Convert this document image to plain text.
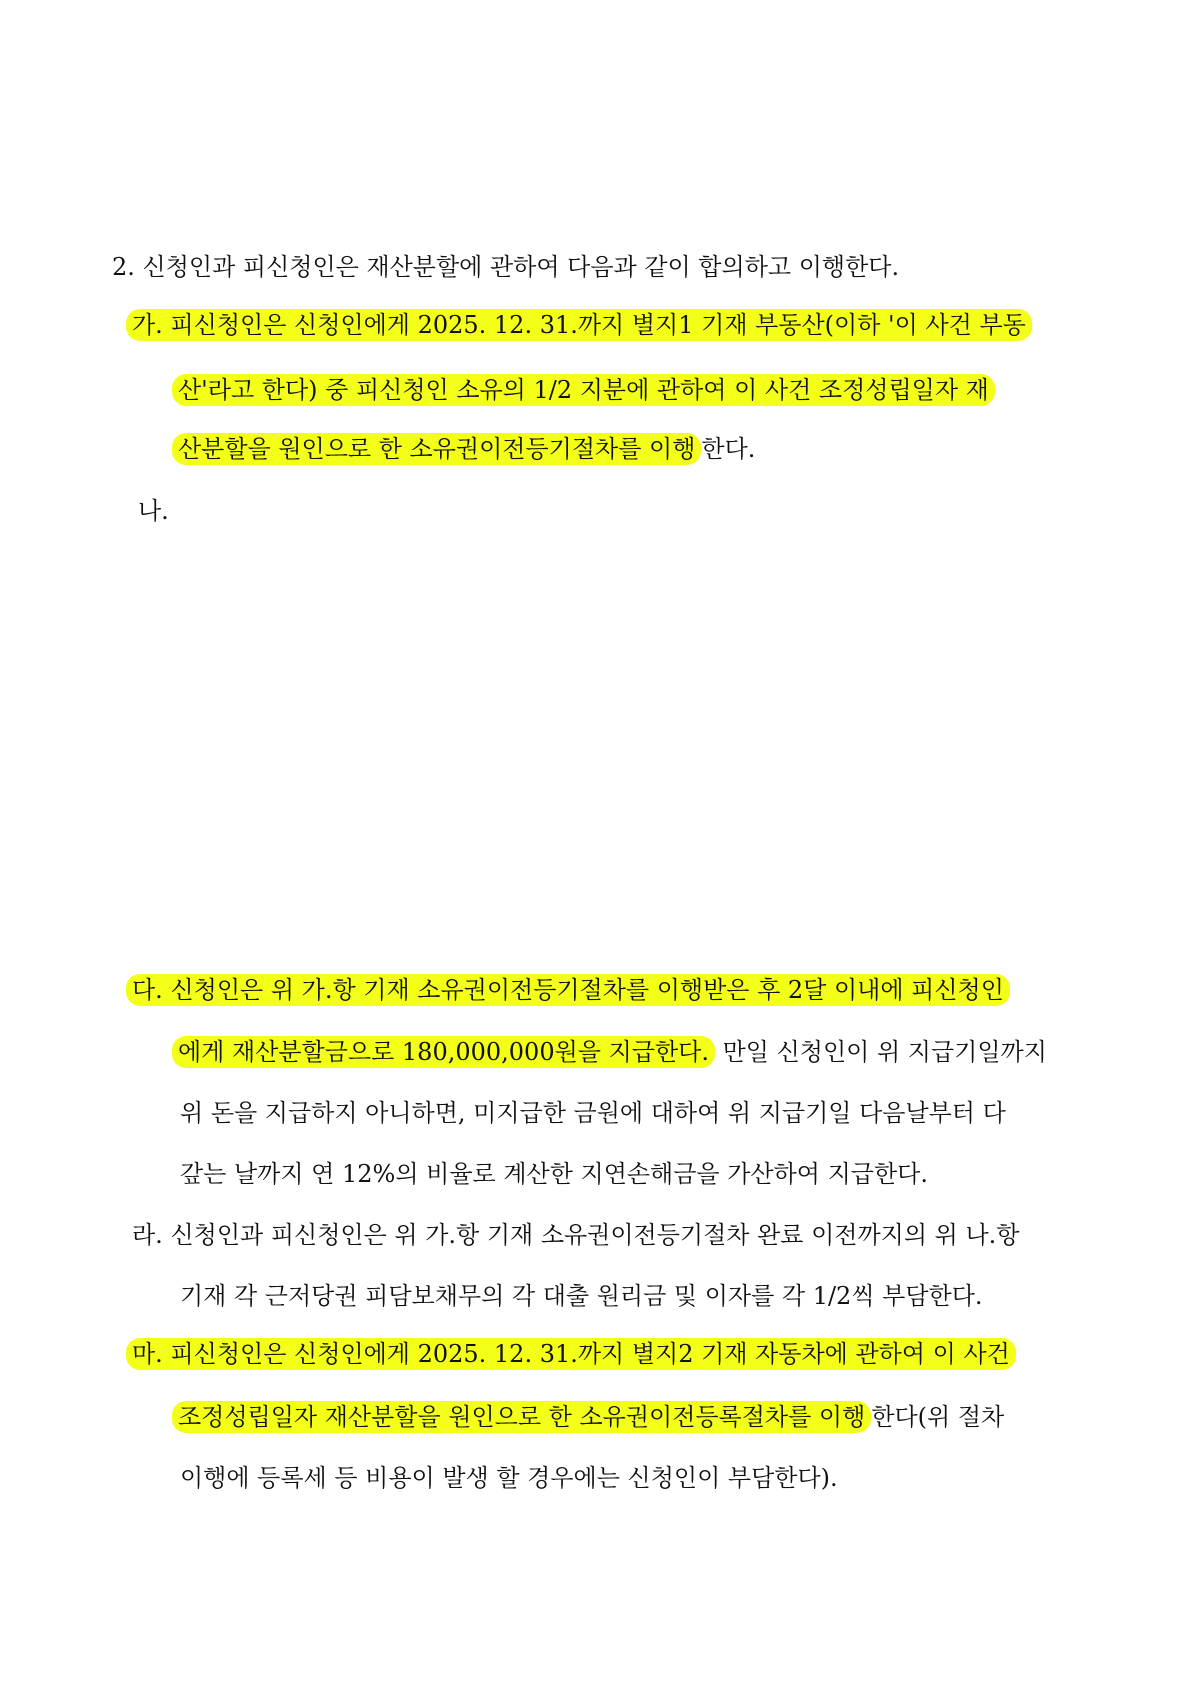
2. 신청인과 피신청인은 재산분할에 관하여 다음과 같이 합의하고 이행한다.
가. 피신청인은 신청인에게 2025. 12. 31.까지 별지1 기재 부동산(이하 '이 사건 부동
산'라고 한다) 중 피신청인 소유의 1/2 지분에 관하여 이 사건 조정성립일자 재
산분할을 원인으로 한 소유권이전등기절차를 이행 한다.
나.
다. 신청인은 위 가.항 기재 소유권이전등기절차를 이행받은 후 2달 이내에 피신청인
에게 재산분할금으로 180,000,000원을 지급한다. 만일 신청인이 위 지급기일까지
위 돈을 지급하지 아니하면, 미지급한 금원에 대하여 위 지급기일 다음날부터 다
갚는 날까지 연 12%의 비율로 계산한 지연손해금을 가산하여 지급한다.
라. 신청인과 피신청인은 위 가.항 기재 소유권이전등기절차 완료 이전까지의 위 나.항
기재 각 근저당권 피담보채무의 각 대출 원리금 및 이자를 각 1/2씩 부담한다.
마. 피신청인은 신청인에게 2025. 12. 31.까지 별지2 기재 자동차에 관하여 이 사건
조정성립일자 재산분할을 원인으로 한 소유권이전등록절차를 이행 한다(위 절차
이행에 등록세 등 비용이 발생 할 경우에는 신청인이 부담한다).
